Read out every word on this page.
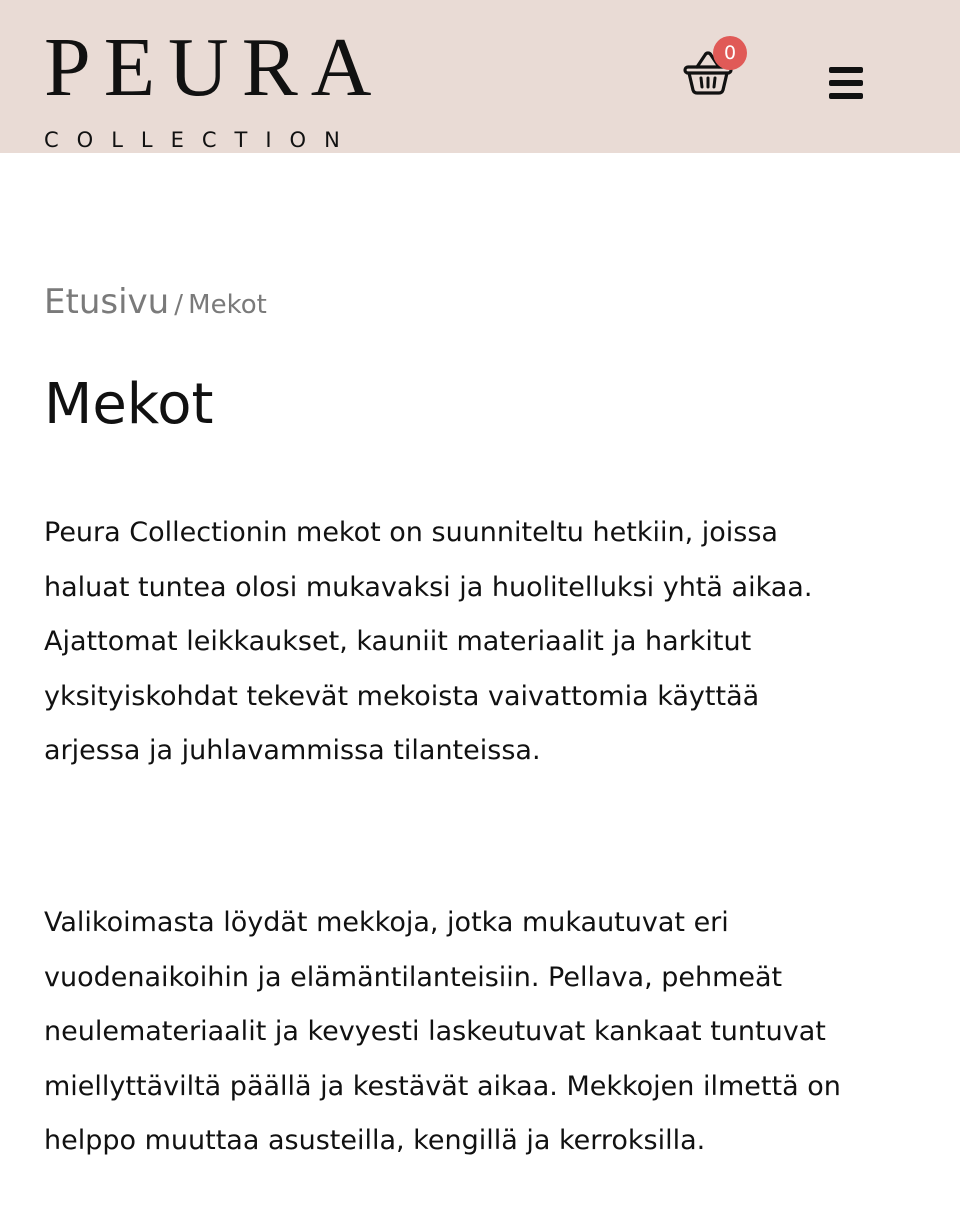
PEURA
COLLECTION
0
Etusivu / Mekot
Mekot
Peura Collectionin mekot on suunniteltu hetkiin, joissa
haluat tuntea olosi mukavaksi ja huolitelluksi yhtä aikaa.
Ajattomat leikkaukset, kauniit materiaalit ja harkitut
yksityiskohdat tekevät mekoista vaivattomia käyttää
arjessa ja juhlavammissa tilanteissa.
Valikoimasta löydät mekkoja, jotka mukautuvat eri
vuodenaikoihin ja elämäntilanteisiin. Pellava, pehmeät
neulemateriaalit ja kevyesti laskeutuvat kankaat tuntuvat
miellyttäviltä päällä ja kestävät aikaa. Mekkojen ilmettä on
helppo muuttaa asusteilla, kengillä ja kerroksilla.
